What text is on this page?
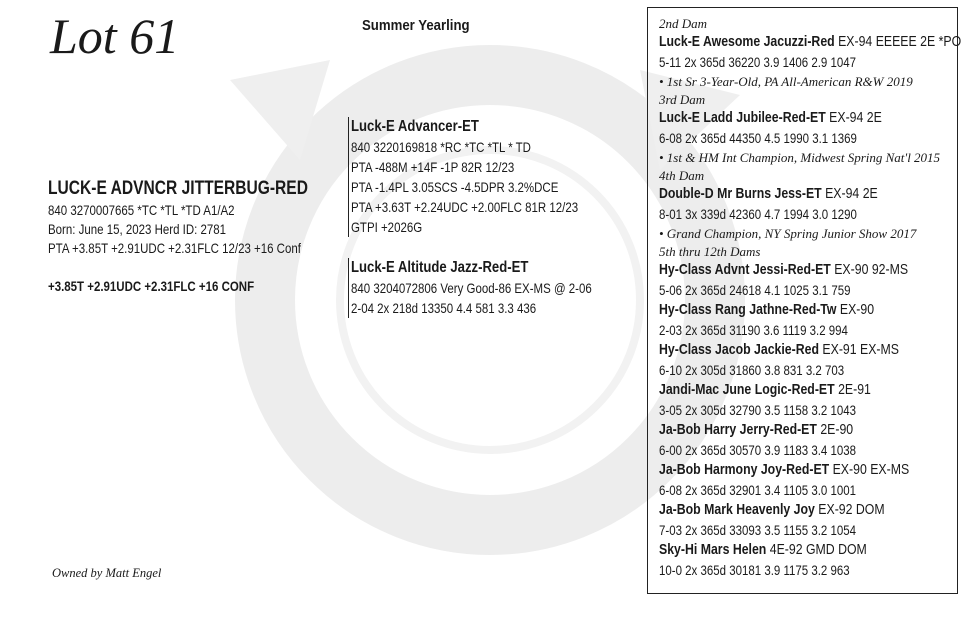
Lot 61	Summer Yearling
LUCK-E ADVNCR JITTERBUG-RED
840 3270007665 *TC *TL *TD A1/A2
Born: June 15, 2023 Herd ID: 2781
PTA +3.85T +2.91UDC +2.31FLC 12/23 +16 Conf
+3.85T +2.91UDC +2.31FLC +16 CONF
Luck-E Advancer-ET
840 3220169818 *RC *TC *TL * TD
PTA -488M +14F -1P 82R 12/23
PTA -1.4PL 3.05SCS -4.5DPR 3.2%DCE
PTA +3.63T +2.24UDC +2.00FLC 81R 12/23
GTPI +2026G
Luck-E Altitude Jazz-Red-ET
840 3204072806 Very Good-86 EX-MS @ 2-06
2-04 2x 218d 13350 4.4 581 3.3 436
2nd Dam
Luck-E Awesome Jacuzzi-Red EX-94 EEEEE 2E *PO
5-11 2x 365d 36220 3.9 1406 2.9 1047
• 1st Sr 3-Year-Old, PA All-American R&W 2019
3rd Dam
Luck-E Ladd Jubilee-Red-ET EX-94 2E
6-08 2x 365d 44350 4.5 1990 3.1 1369
• 1st & HM Int Champion, Midwest Spring Nat'l 2015
4th Dam
Double-D Mr Burns Jess-ET EX-94 2E
8-01 3x 339d 42360 4.7 1994 3.0 1290
• Grand Champion, NY Spring Junior Show 2017
5th thru 12th Dams
Hy-Class Advnt Jessi-Red-ET EX-90 92-MS
5-06 2x 365d 24618 4.1 1025 3.1 759
Hy-Class Rang Jathne-Red-Tw EX-90
2-03 2x 365d 31190 3.6 1119 3.2 994
Hy-Class Jacob Jackie-Red EX-91 EX-MS
6-10 2x 305d 31860 3.8 831 3.2 703
Jandi-Mac June Logic-Red-ET 2E-91
3-05 2x 305d 32790 3.5 1158 3.2 1043
Ja-Bob Harry Jerry-Red-ET 2E-90
6-00 2x 365d 30570 3.9 1183 3.4 1038
Ja-Bob Harmony Joy-Red-ET EX-90 EX-MS
6-08 2x 365d 32901 3.4 1105 3.0 1001
Ja-Bob Mark Heavenly Joy EX-92 DOM
7-03 2x 365d 33093 3.5 1155 3.2 1054
Sky-Hi Mars Helen 4E-92 GMD DOM
10-0 2x 365d 30181 3.9 1175 3.2 963
Owned by Matt Engel
